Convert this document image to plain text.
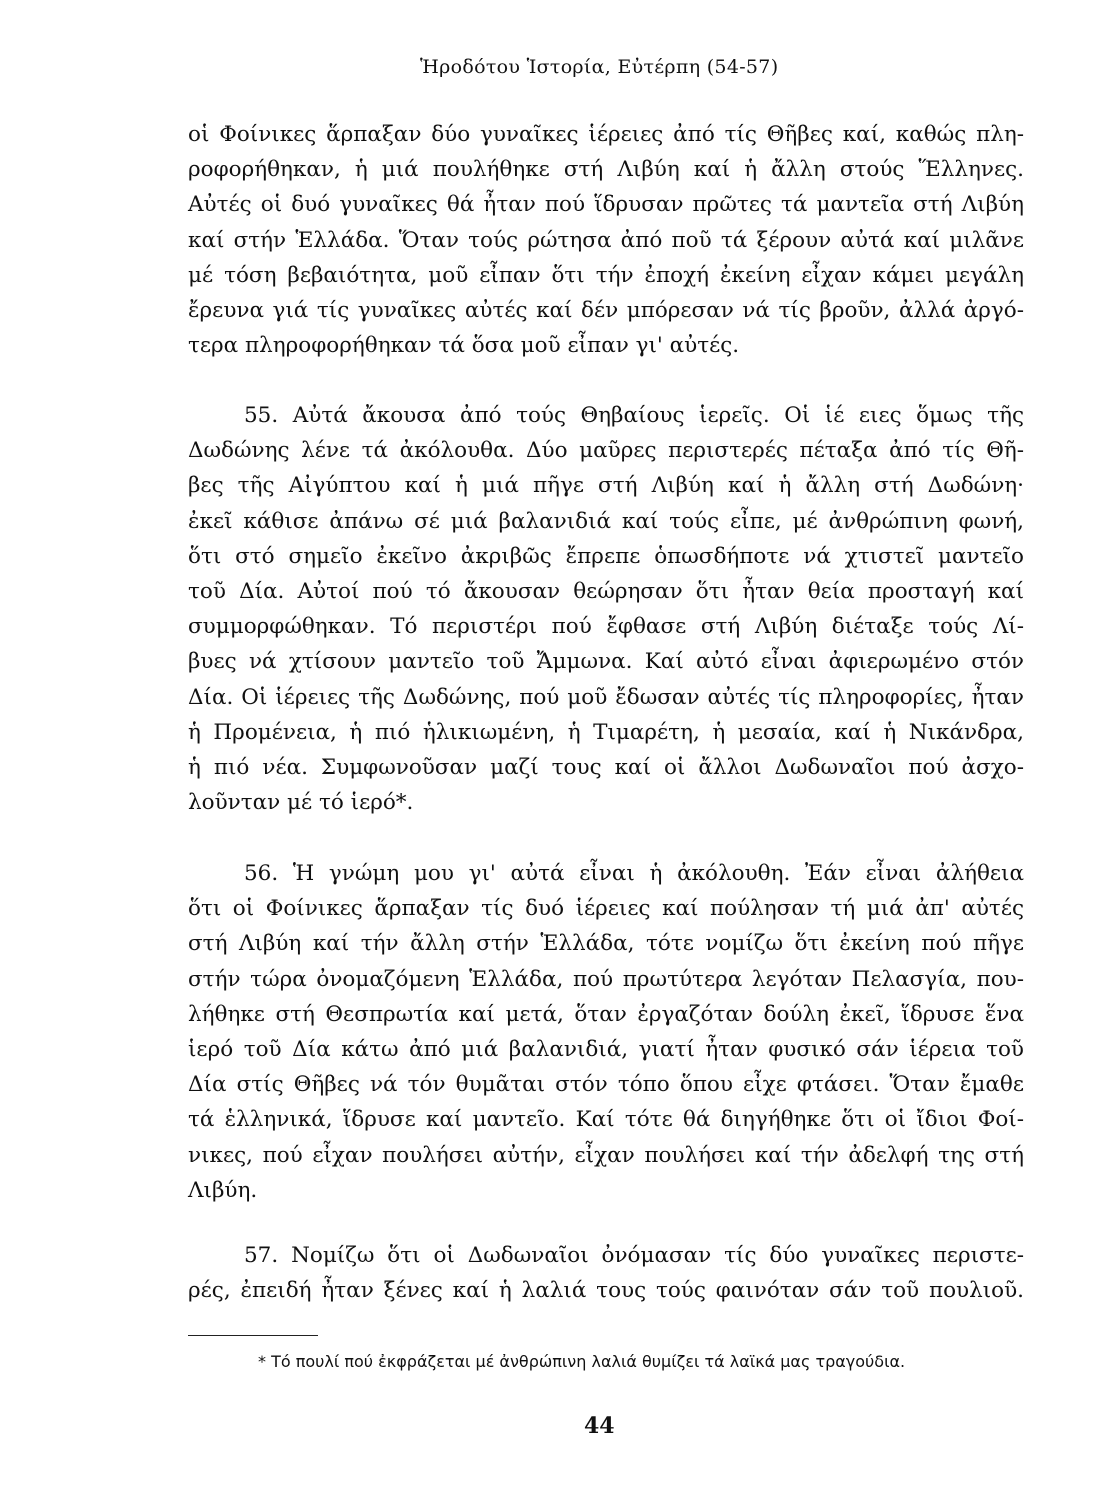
Ἡροδότου Ἱστορία, Εὐτέρπη (54-57)
οἱ Φοίνικες ἅρπαξαν δύο γυναῖκες ἱέρειες ἀπό τίς Θῆβες καί, καθώς πλη-
ροφορήθηκαν, ἡ μιά πουλήθηκε στή Λιβύη καί ἡ ἄλλη στούς Ἕλληνες.
Αὐτές οἱ δυό γυναῖκες θά ἦταν πού ἵδρυσαν πρῶτες τά μαντεῖα στή Λιβύη
καί στήν Ἑλλάδα. Ὅταν τούς ρώτησα ἀπό ποῦ τά ξέρουν αὐτά καί μιλᾶνε
μέ τόση βεβαιότητα, μοῦ εἶπαν ὅτι τήν ἐποχή ἐκείνη εἶχαν κάμει μεγάλη
ἔρευνα γιά τίς γυναῖκες αὐτές καί δέν μπόρεσαν νά τίς βροῦν, ἀλλά ἀργό-
τερα πληροφορήθηκαν τά ὅσα μοῦ εἶπαν γι' αὐτές.
55. Αὐτά ἄκουσα ἀπό τούς Θηβαίους ἱερεῖς. Οἱ ἱέ ειες ὅμως τῆς
Δωδώνης λένε τά ἀκόλουθα. Δύο μαῦρες περιστερές πέταξα ἀπό τίς Θῆ-
βες τῆς Αἰγύπτου καί ἡ μιά πῆγε στή Λιβύη καί ἡ ἄλλη στή Δωδώνη·
ἐκεῖ κάθισε ἀπάνω σέ μιά βαλανιδιά καί τούς εἶπε, μέ ἀνθρώπινη φωνή,
ὅτι στό σημεῖο ἐκεῖνο ἀκριβῶς ἔπρεπε ὁπωσδήποτε νά χτιστεῖ μαντεῖο
τοῦ Δία. Αὐτοί πού τό ἄκουσαν θεώρησαν ὅτι ἦταν θεία προσταγή καί
συμμορφώθηκαν. Τό περιστέρι πού ἔφθασε στή Λιβύη διέταξε τούς Λί-
βυες νά χτίσουν μαντεῖο τοῦ Ἄμμωνα. Καί αὐτό εἶναι ἀφιερωμένο στόν
Δία. Οἱ ἱέρειες τῆς Δωδώνης, πού μοῦ ἔδωσαν αὐτές τίς πληροφορίες, ἦταν
ἡ Προμένεια, ἡ πιό ἡλικιωμένη, ἡ Τιμαρέτη, ἡ μεσαία, καί ἡ Νικάνδρα,
ἡ πιό νέα. Συμφωνοῦσαν μαζί τους καί οἱ ἄλλοι Δωδωναῖοι πού ἀσχο-
λοῦνταν μέ τό ἱερό*.
56. Ἡ γνώμη μου γι' αὐτά εἶναι ἡ ἀκόλουθη. Ἐάν εἶναι ἀλήθεια
ὅτι οἱ Φοίνικες ἅρπαξαν τίς δυό ἱέρειες καί πούλησαν τή μιά ἀπ' αὐτές
στή Λιβύη καί τήν ἄλλη στήν Ἑλλάδα, τότε νομίζω ὅτι ἐκείνη πού πῆγε
στήν τώρα ὀνομαζόμενη Ἑλλάδα, πού πρωτύτερα λεγόταν Πελασγία, που-
λήθηκε στή Θεσπρωτία καί μετά, ὅταν ἐργαζόταν δούλη ἐκεῖ, ἵδρυσε ἕνα
ἱερό τοῦ Δία κάτω ἀπό μιά βαλανιδιά, γιατί ἦταν φυσικό σάν ἱέρεια τοῦ
Δία στίς Θῆβες νά τόν θυμᾶται στόν τόπο ὅπου εἶχε φτάσει. Ὅταν ἔμαθε
τά ἑλληνικά, ἵδρυσε καί μαντεῖο. Καί τότε θά διηγήθηκε ὅτι οἱ ἴδιοι Φοί-
νικες, πού εἶχαν πουλήσει αὐτήν, εἶχαν πουλήσει καί τήν ἀδελφή της στή
Λιβύη.
57. Νομίζω ὅτι οἱ Δωδωναῖοι ὀνόμασαν τίς δύο γυναῖκες περιστε-
ρές, ἐπειδή ἦταν ξένες καί ἡ λαλιά τους τούς φαινόταν σάν τοῦ πουλιοῦ.
* Τό πουλί πού ἐκφράζεται μέ ἀνθρώπινη λαλιά θυμίζει τά λαϊκά μας τραγούδια.
44
